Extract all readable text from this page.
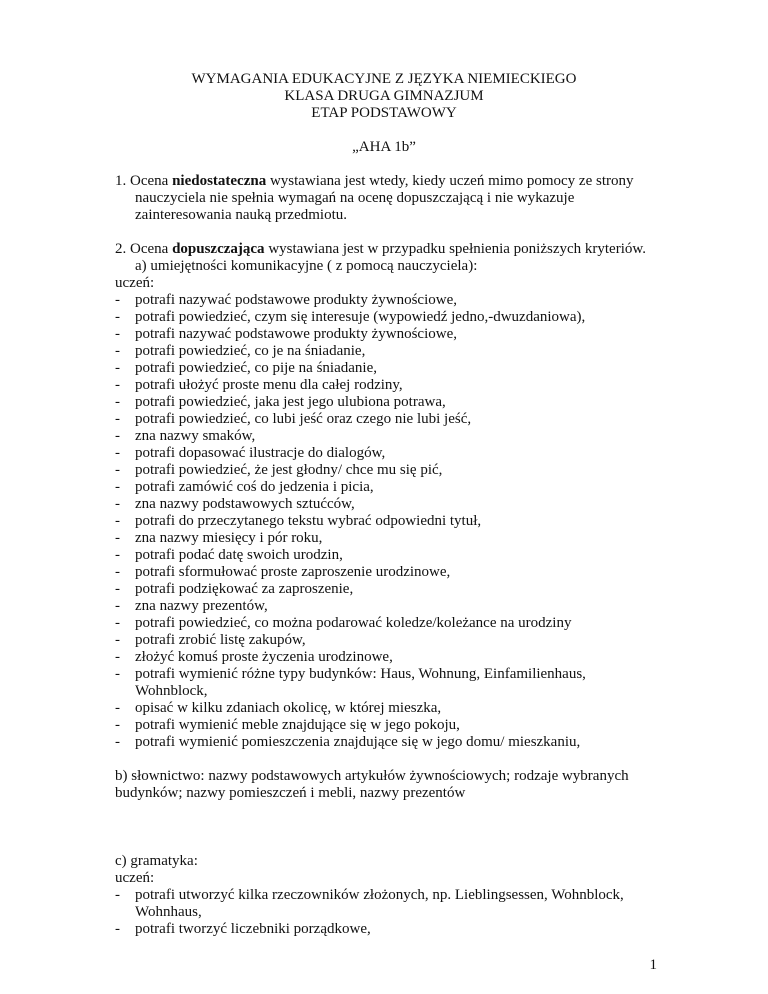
WYMAGANIA EDUKACYJNE Z JĘZYKA NIEMIECKIEGO
KLASA DRUGA GIMNAZJUM
ETAP PODSTAWOWY
„AHA 1b”
1. Ocena niedostateczna wystawiana jest wtedy, kiedy uczeń mimo pomocy ze strony
nauczyciela nie spełnia wymagań na ocenę dopuszczającą i nie wykazuje
zainteresowania nauką przedmiotu.
2. Ocena dopuszczająca wystawiana jest w przypadku spełnienia poniższych kryteriów.
a) umiejętności komunikacyjne ( z pomocą nauczyciela):
uczeń:
- potrafi nazywać podstawowe produkty żywnościowe,
- potrafi powiedzieć, czym się interesuje (wypowiedź jedno,-dwuzdaniowa),
- potrafi nazywać podstawowe produkty żywnościowe,
- potrafi powiedzieć, co je na śniadanie,
- potrafi powiedzieć, co pije na śniadanie,
- potrafi ułożyć proste menu dla całej rodziny,
- potrafi powiedzieć, jaka jest jego ulubiona potrawa,
- potrafi powiedzieć, co lubi jeść oraz czego nie lubi jeść,
- zna nazwy smaków,
- potrafi dopasować ilustracje do dialogów,
- potrafi powiedzieć, że jest głodny/ chce mu się pić,
- potrafi zamówić coś do jedzenia i picia,
- zna nazwy podstawowych sztućców,
- potrafi do przeczytanego tekstu wybrać odpowiedni tytuł,
- zna nazwy miesięcy i pór roku,
- potrafi podać datę swoich urodzin,
- potrafi sformułować proste zaproszenie urodzinowe,
- potrafi podziękować za zaproszenie,
- zna nazwy prezentów,
- potrafi powiedzieć, co można podarować koledze/koleżance na urodziny
- potrafi zrobić listę zakupów,
- złożyć komuś proste życzenia urodzinowe,
- potrafi wymienić różne typy budynków: Haus, Wohnung, Einfamilienhaus,
Wohnblock,
- opisać w kilku zdaniach okolicę, w której mieszka,
- potrafi wymienić meble znajdujące się w jego pokoju,
- potrafi wymienić pomieszczenia znajdujące się w jego domu/ mieszkaniu,
b) słownictwo: nazwy podstawowych artykułów żywnościowych; rodzaje wybranych
budynków; nazwy pomieszczeń i mebli, nazwy prezentów
c) gramatyka:
uczeń:
- potrafi utworzyć kilka rzeczowników złożonych, np. Lieblingsessen, Wohnblock,
Wohnhaus,
- potrafi tworzyć liczebniki porządkowe,
1
